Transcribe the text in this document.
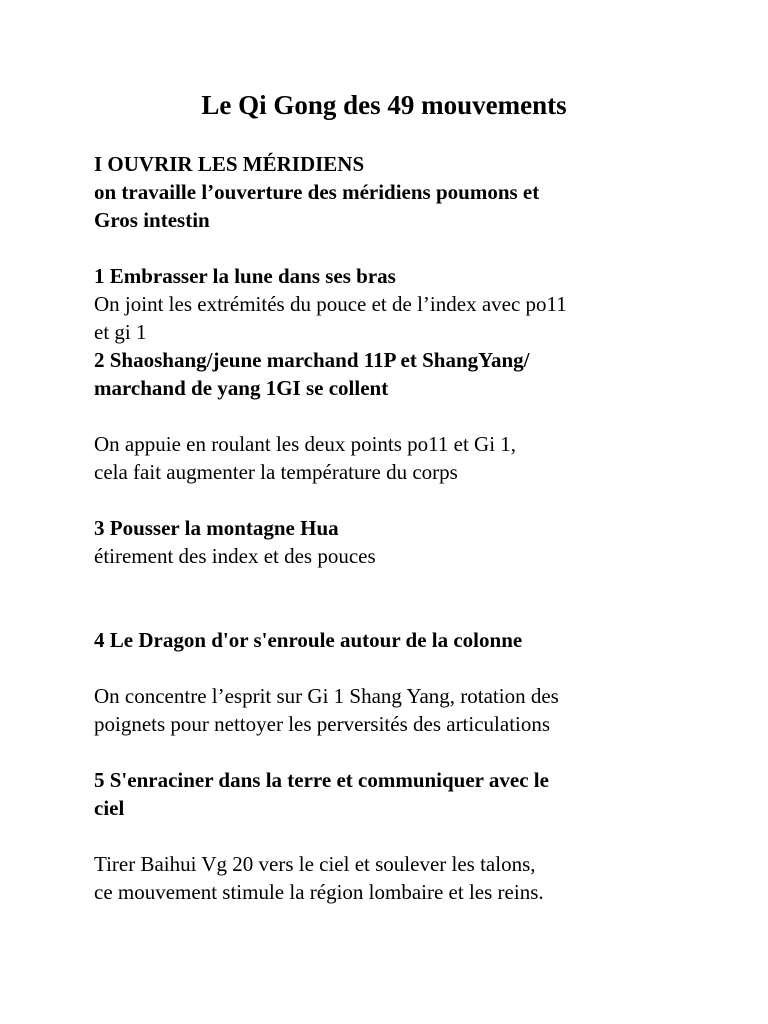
Le Qi Gong des 49 mouvements
I OUVRIR LES MÉRIDIENS
on travaille l’ouverture des méridiens poumons et
Gros intestin
1 Embrasser la lune dans ses bras
On joint les extrémités du pouce et de l’index avec po11
et gi 1
2 Shaoshang/jeune marchand 11P et ShangYang/
marchand de yang 1GI se collent
On appuie en roulant les deux points po11 et Gi 1,
cela fait augmenter la température du corps
3 Pousser la montagne Hua
étirement des index et des pouces
4 Le Dragon d'or s'enroule autour de la colonne
On concentre l’esprit sur Gi 1 Shang Yang, rotation des
poignets pour nettoyer les perversités des articulations
5 S'enraciner dans la terre et communiquer avec le
ciel
Tirer Baihui Vg 20 vers le ciel et soulever les talons,
ce mouvement stimule la région lombaire et les reins.
